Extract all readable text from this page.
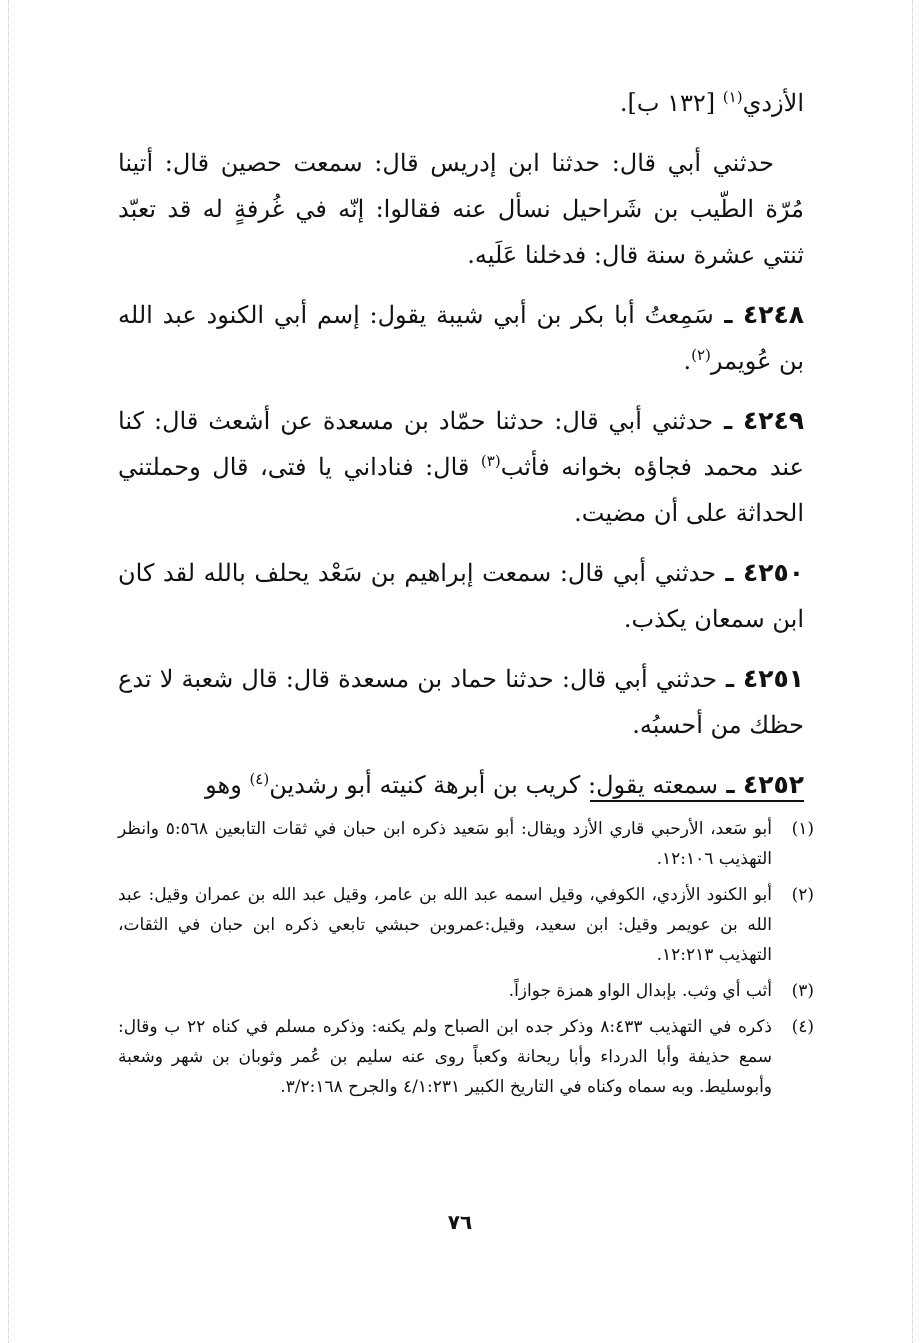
الأزدي$^{(١)}$ [١٣٢ ب].

حدثني أبي قال: حدثنا ابن إدريس قال: سمعت حصين قال: أتينا مُرّة الطّيب بن شَراحيل نسأل عنه فقالوا: إنّه في غُرفةٍ له قد تعبّد ثنتي عشرة سنة قال: فدخلنا عَلَيه.

٤٢٤٨ ـ سَمِعتُ أبا بكر بن أبي شيبة يقول: إسم أبي الكنود عبد الله بن عُويمر$^{(٢)}$.

٤٢٤٩ ـ حدثني أبي قال: حدثنا حمّاد بن مسعدة عن أشعث قال: كنا عند محمد فجاؤه بخوانه فأثب$^{(٣)}$ قال: فناداني يا فتى، قال وحملتني الحداثة على أن مضيت.

٤٢٥٠ ـ حدثني أبي قال: سمعت إبراهيم بن سَعْد يحلف بالله لقد كان ابن سمعان يكذب.

٤٢٥١ ـ حدثني أبي قال: حدثنا حماد بن مسعدة قال: قال شعبة لا تدع حظك من أحسبُه.

٤٢٥٢ ـ سمعته يقول: كريب بن أبرهة كنيته أبو رشدين$^{(٤)}$ وهو

(١)
أبو سَعد، الأرحبي قاري الأزد ويقال: أبو سَعيد ذكره ابن حبان في ثقات التابعين ٥:٥٦٨ وانظر التهذيب ١٢:١٠٦.
(٢)
أبو الكنود الأزدي، الكوفي، وقيل اسمه عبد الله بن عامر، وقيل عبد الله بن عمران وقيل: عبد الله بن عويمر وقيل: ابن سعيد، وقيل:عمروبن حبشي تابعي ذكره ابن حبان في الثقات، التهذيب ١٢:٢١٣.
(٣)
أثب أي وثب. بإبدال الواو همزة جوازاً.
(٤)
ذكره في التهذيب ٨:٤٣٣ وذكر جده ابن الصباح ولم يكنه: وذكره مسلم في كناه ٢٢ ب وقال: سمع حذيفة وأبا الدرداء وأبا ريحانة وكعباً روى عنه سليم بن عُمر وثوبان بن شهر وشعبة وأبوسليط. وبه سماه وكناه في التاريخ الكبير ٤/١:٢٣١ والجرح ٣/٢:١٦٨.
٧٦
